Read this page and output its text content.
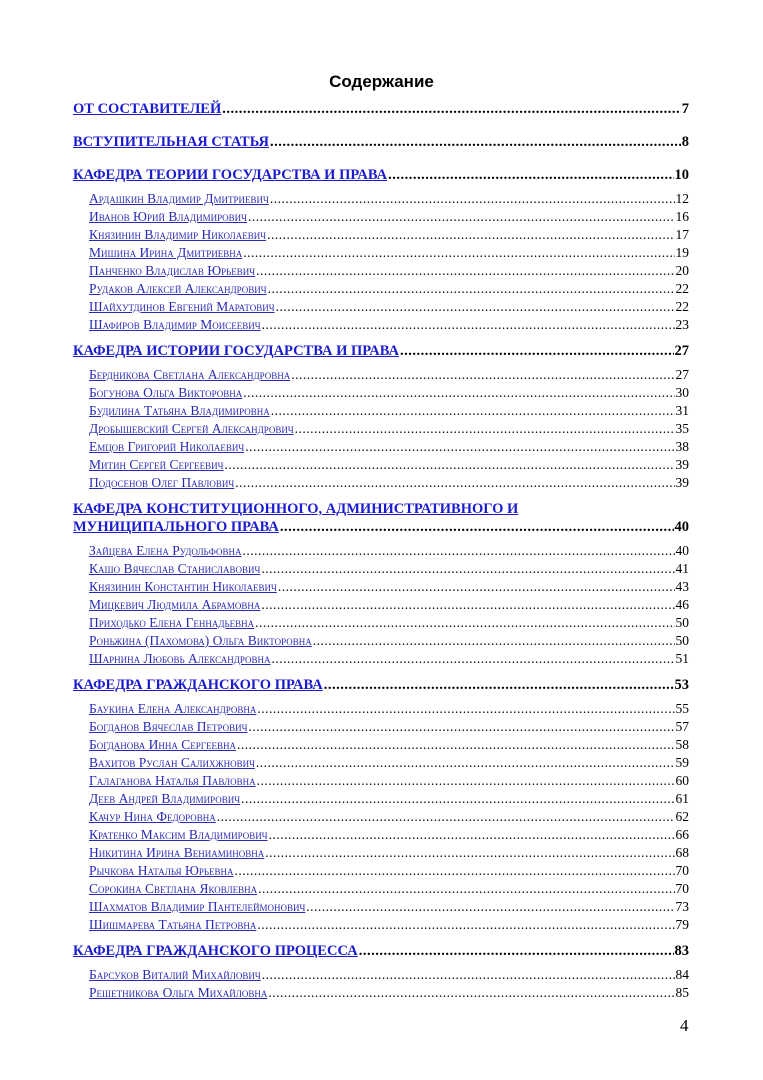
Содержание
ОТ СОСТАВИТЕЛЕЙ .....	7
ВСТУПИТЕЛЬНАЯ СТАТЬЯ .....	8
КАФЕДРА ТЕОРИИ ГОСУДАРСТВА И ПРАВА .....	10
Ардашкин Владимир Дмитриевич .....	12
Иванов Юрий Владимирович .....	16
Князинин Владимир Николаевич .....	17
Мишина Ирина Дмитриевна .....	19
Панченко Владислав Юрьевич .....	20
Рудаков Алексей Александрович .....	22
Шайхутдинов Евгений Маратович .....	22
Шафиров Владимир Моисеевич .....	23
КАФЕДРА ИСТОРИИ ГОСУДАРСТВА И ПРАВА .....	27
Бердникова Светлана Александровна .....	27
Богунова Ольга Викторовна .....	30
Будилина Татьяна Владимировна .....	31
Дробышевский Сергей Александрович .....	35
Емцов Григорий Николаевич .....	38
Митин Сергей Сергеевич .....	39
Подосенов Олег Павлович .....	39
КАФЕДРА КОНСТИТУЦИОННОГО, АДМИНИСТРАТИВНОГО И
МУНИЦИПАЛЬНОГО ПРАВА .....	40
Зайцева Елена Рудольфовна .....	40
Кашо Вячеслав Станиславович .....	41
Князинин Константин Николаевич .....	43
Мицкевич Людмила Абрамовна .....	46
Приходько Елена Геннадьевна .....	50
Роньжина (Пахомова) Ольга Викторовна .....	50
Шарнина Любовь Александровна .....	51
КАФЕДРА ГРАЖДАНСКОГО ПРАВА .....	53
Баукина Елена Александровна .....	55
Богданов Вячеслав Петрович .....	57
Богданова Инна Сергеевна .....	58
Вахитов Руслан Салихжнович .....	59
Галаганова Наталья Павловна .....	60
Деев Андрей Владимирович .....	61
Качур Нина Федоровна .....	62
Кратенко Максим Владимирович .....	66
Никитина Ирина Вениаминовна .....	68
Рычкова Наталья Юрьевна .....	70
Сорокина Светлана Яковлевна .....	70
Шахматов Владимир Пантелеймонович .....	73
Шишмарева Татьяна Петровна .....	79
КАФЕДРА ГРАЖДАНСКОГО ПРОЦЕССА .....	83
Барсуков Виталий Михайлович .....	84
Решетникова Ольга Михайловна .....	85
4
